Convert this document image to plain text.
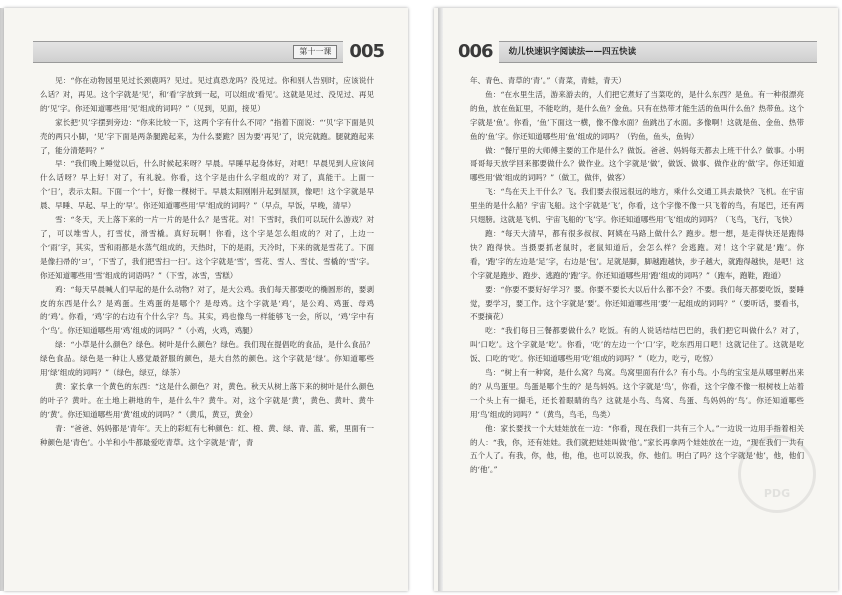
第十一课	005

见：“你在动物园里见过长颈鹿吗？见过。见过真恐龙吗？没见过。你和别人告别时，应该说什么话？对，再见。这个字就是‘见’，和‘看’字放到一起，可以组成‘看见’。这就是见过、没见过、再见的‘见’字。你还知道哪些用‘见’组成的词吗？”（见到，见面，接见）

家长把‘贝’字摆到旁边：“你来比较一下，这两个字有什么不同？”指着下面说：“‘贝’字下面是贝壳的两只小脚，‘见’字下面是两条腿跪起来，为什么要跪？因为要‘再见’了，说完就跑。腿就跑起来了，能分清楚吗？”

早：“我们晚上睡觉以后，什么时候起来呀？早晨。早睡早起身体好，对吧！早晨见到人应该问什么话呀？早上好！对了，有礼貌。你看，这个字是由什么字组成的？对了，真能干。上面一个‘日’，表示太阳。下面一个‘十’，好像一棵树干。早晨太阳刚刚升起到屋顶，像吧！这个字就是早晨、早睡、早起、早上的‘早’。你还知道哪些用‘早’组成的词吗？”（早点，早饭，早晚，清早）

雪：“冬天，天上落下来的一片一片的是什么？是雪花。对！下雪时，我们可以玩什么游戏？对了，可以堆雪人，打雪仗，滑雪橇。真好玩啊！你看，这个字是怎么组成的？对了，上边一个‘雨’字，其实，雪和雨都是水蒸气组成的，天热时，下的是雨，天冷时，下来的就是雪花了。下面是像扫帚的‘ヨ’，‘下雪了，我们把雪扫一扫’。这个字就是‘雪’，雪花、雪人、雪仗、雪橇的‘雪’字。你还知道哪些用‘雪’组成的词语吗？”（下雪，冰雪，雪糕）

鸡：“每天早晨喊人们早起的是什么动物？对了，是大公鸡。我们每天都要吃的椭圆形的，要剥皮的东西是什么？是鸡蛋。生鸡蛋的是哪个？是母鸡。这个字就是‘鸡’，是公鸡、鸡蛋、母鸡的‘鸡’。你看，‘鸡’字的右边有个什么字？鸟。其实，鸡也像鸟一样能够飞一会，所以，‘鸡’字中有个‘鸟’。你还知道哪些用‘鸡’组成的词吗？”（小鸡，火鸡，鸡腿）

绿：“小草是什么颜色？绿色。树叶是什么颜色？绿色。我们现在提倡吃的食品，是什么食品？绿色食品。绿色是一种让人感觉最舒服的颜色，是大自然的颜色。这个字就是‘绿’。你知道哪些用‘绿’组成的词吗？”（绿色，绿豆，绿茶）

黄：家长拿一个黄色的东西：“这是什么颜色？对，黄色。秋天从树上落下来的树叶是什么颜色的叶子？黄叶。在土地上耕地的牛，是什么牛？黄牛。对，这个字就是‘黄’，黄色、黄叶、黄牛的‘黄’。你还知道哪些用‘黄’组成的词吗？”（黄瓜，黄豆，黄金）

青：“爸爸、妈妈都是‘青年’。天上的彩虹有七种颜色：红、橙、黄、绿、青、蓝、紫，里面有一种颜色是‘青色’。小羊和小牛都最爱吃青草。这个字就是‘青’，青

006	幼儿快速识字阅读法——四五快读

年、青色、青草的‘青’。”（青菜，青蛙，青天）

鱼：“在水里生活，游来游去的，人们把它煮好了当菜吃的，是什么东西？是鱼。有一种很漂亮的鱼，放在鱼缸里，不能吃的，是什么鱼？金鱼。只有在热带才能生活的鱼叫什么鱼？热带鱼。这个字就是‘鱼’。你看，‘鱼’下面这一横，像不像水面？鱼跳出了水面。多像啊！这就是鱼、金鱼、热带鱼的‘鱼’字。你还知道哪些用‘鱼’组成的词吗？（钓鱼，鱼头，鱼钩）

做：“餐厅里的大师傅主要的工作是什么？做饭。爸爸、妈妈每天都去上班干什么？做事。小明哥哥每天放学回来都要做什么？做作业。这个字就是‘做’，做饭、做事、做作业的‘做’字。你还知道哪些用‘做’组成的词吗？”（做工，做伴，做客）

飞：“鸟在天上干什么？飞。我们要去很远很远的地方，乘什么交通工具去最快？飞机。在宇宙里坐的是什么船？宇宙飞船。这个字就是‘飞’，你看，这个字像不像一只飞着的鸟，有尾巴，还有两只翅膀。这就是飞机、宇宙飞船的‘飞’字。你还知道哪些用‘飞’组成的词吗？（飞鸟，飞行，飞快）

跑：“每天大清早，都有很多叔叔、阿姨在马路上做什么？跑步。想一想，是走得快还是跑得快？跑得快。当摄要抓老鼠时，老鼠知道后，会怎么样？会逃跑。对！这个字就是‘跑’。你看，‘跑’字的左边是‘足’字，右边是‘包’。足就是脚，脚越跑越快，步子越大，就跑得越快，是吧！这个字就是跑步、跑步、逃跑的‘跑’字。你还知道哪些用‘跑’组成的词吗？”（跑车，跑鞋，跑道）

要：“你要不要好好学习？要。你要不要长大以后什么都不会？不要。我们每天都要吃饭，要睡觉，要学习，要工作。这个字就是‘要’。你还知道哪些用‘要’一起组成的词吗？”（要听话，要看书，不要摘花）

吃：“我们每日三餐都要做什么？吃饭。有的人说话结结巴巴的，我们把它叫做什么？对了，叫‘口吃’。这个字就是‘吃’。你看，‘吃’的左边一个‘口’字，吃东西用口吧！这就记住了。这就是吃饭、口吃的‘吃’。你还知道哪些用‘吃’组成的词吗？”（吃力，吃亏，吃惊）

鸟：“树上有一种窝，是什么窝？鸟窝。鸟窝里面有什么？有小鸟。小鸟的宝宝是从哪里孵出来的？从鸟蛋里。鸟蛋是哪个生的？是鸟妈妈。这个字就是‘鸟’，你看，这个字像不像一根树枝上站着一个头上有一撮毛，还长着眼睛的鸟？这就是小鸟、鸟窝、鸟蛋、鸟妈妈的‘鸟’。你还知道哪些用‘鸟’组成的词吗？”（黄鸟，鸟毛，鸟类）

他：家长要找一个大娃娃放在一边：“你看，现在我们一共有三个人。”一边说一边用手指着相关的人：“我，你，还有娃娃。我们就把娃娃叫做‘他’。”家长再拿两个娃娃放在一边，“现在我们一共有五个人了。有我，你，他，他，他，也可以说我，你、他们。明白了吗？这个字就是‘他’，他，他们的‘他’。”

PDG
